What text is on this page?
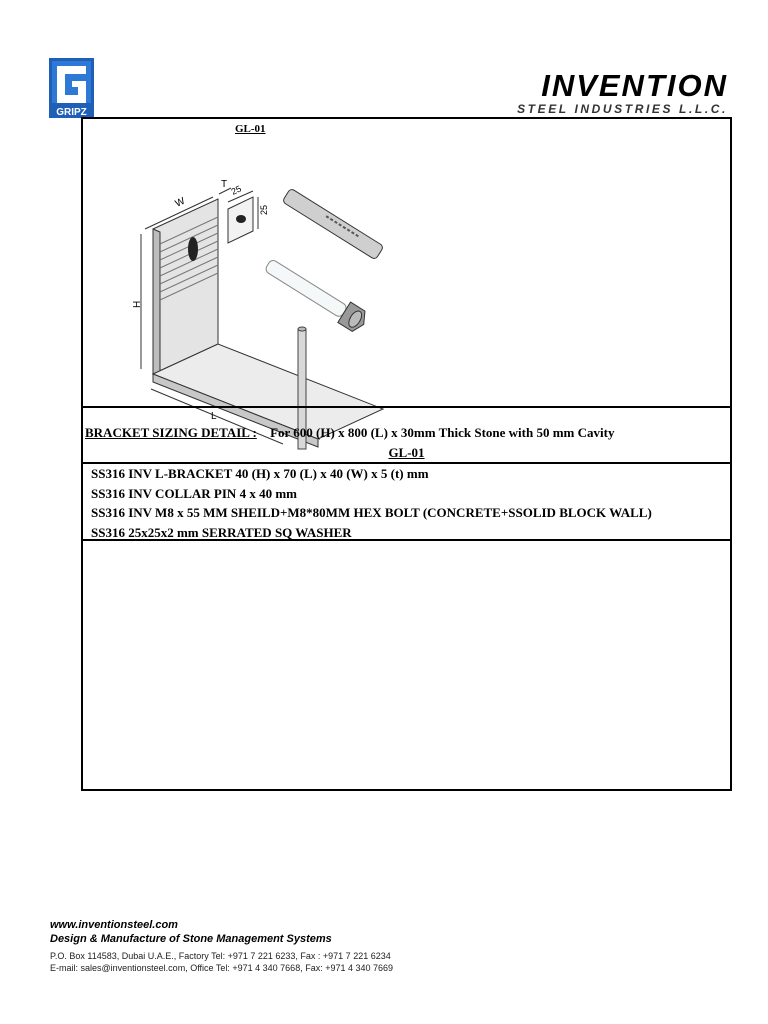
GRIPZ
INVENTION
STEEL INDUSTRIES L.L.C.
GL-01
W
T
H
L
25
25
BRACKET SIZING DETAIL : For 600 (H) x 800 (L) x 30mm Thick Stone with 50 mm Cavity
GL-01
SS316 INV L-BRACKET 40 (H) x 70 (L) x 40 (W) x 5 (t) mm
SS316 INV COLLAR PIN 4 x 40 mm
SS316 INV M8 x 55 MM SHEILD+M8*80MM HEX BOLT (CONCRETE+SSOLID BLOCK WALL)
SS316 25x25x2 mm SERRATED SQ WASHER
www.inventionsteel.com
Design & Manufacture of Stone Management Systems
P.O. Box 114583, Dubai U.A.E., Factory Tel: +971 7 221 6233, Fax : +971 7 221 6234
E-mail: sales@inventionsteel.com, Office Tel: +971 4 340 7668, Fax: +971 4 340 7669
